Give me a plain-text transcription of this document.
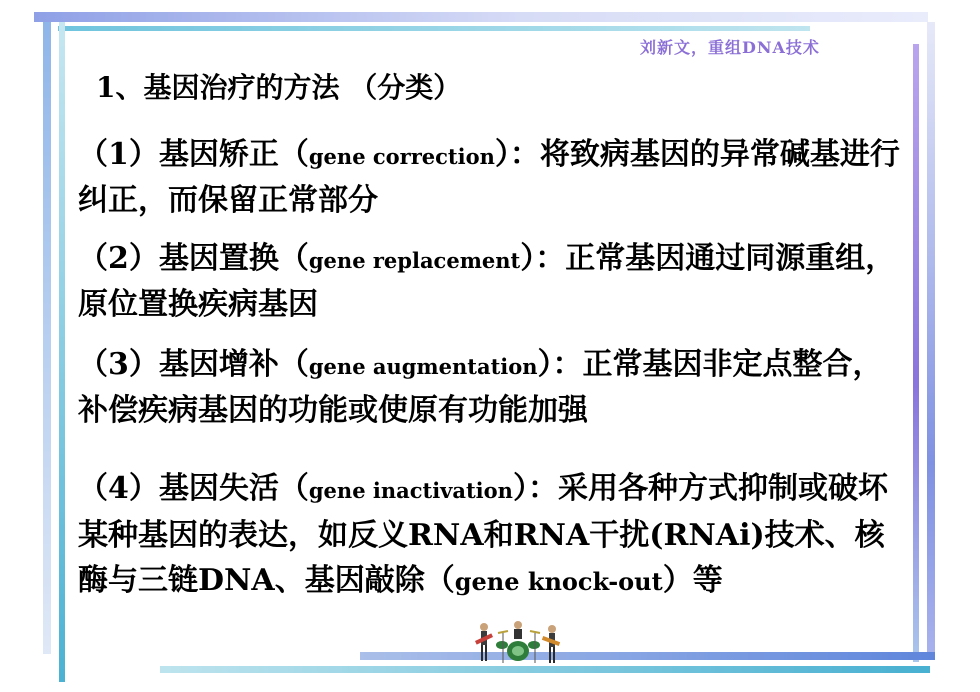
刘新文，重组DNA技术
1、基因治疗的方法 （分类）
（1）基因矫正（gene correction）：将致病基因的异常碱基进行纠正，而保留正常部分
（2）基因置换（gene replacement）：正常基因通过同源重组，原位置换疾病基因
（3）基因增补（gene augmentation）：正常基因非定点整合，补偿疾病基因的功能或使原有功能加强
（4）基因失活（gene inactivation）：采用各种方式抑制或破坏某种基因的表达，如反义RNA和RNA干扰(RNAi)技术、核酶与三链DNA、基因敲除（gene knock-out）等
